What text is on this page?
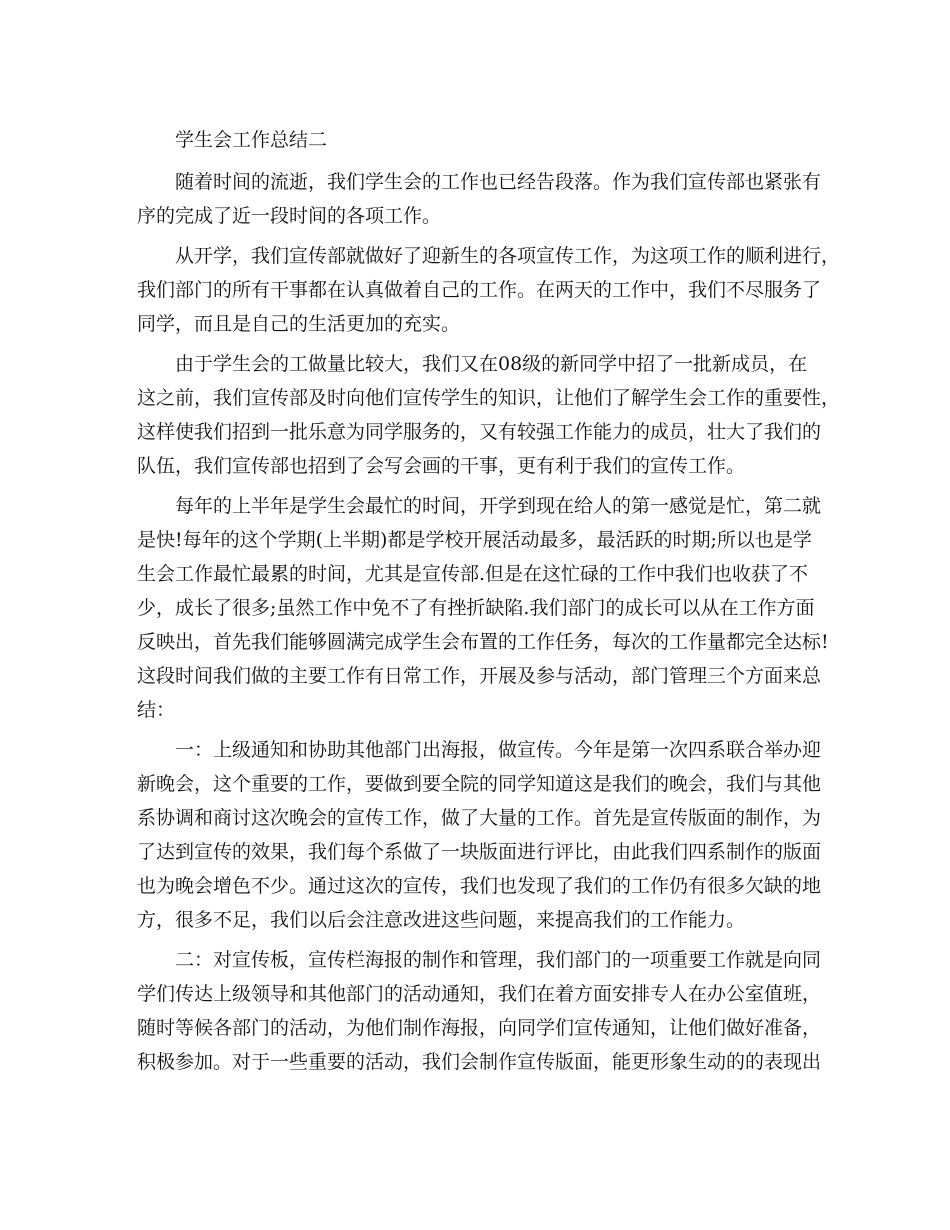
学生会工作总结二

随着时间的流逝，我们学生会的工作也已经告段落。作为我们宣传部也紧张有

序的完成了近一段时间的各项工作。

从开学，我们宣传部就做好了迎新生的各项宣传工作，为这项工作的顺利进行，

我们部门的所有干事都在认真做着自己的工作。在两天的工作中，我们不尽服务了

同学，而且是自己的生活更加的充实。

由于学生会的工做量比较大，我们又在08级的新同学中招了一批新成员，在

这之前，我们宣传部及时向他们宣传学生的知识，让他们了解学生会工作的重要性，

这样使我们招到一批乐意为同学服务的，又有较强工作能力的成员，壮大了我们的

队伍，我们宣传部也招到了会写会画的干事，更有利于我们的宣传工作。

每年的上半年是学生会最忙的时间，开学到现在给人的第一感觉是忙，第二就

是快!每年的这个学期(上半期)都是学校开展活动最多，最活跃的时期;所以也是学

生会工作最忙最累的时间，尤其是宣传部.但是在这忙碌的工作中我们也收获了不

少，成长了很多;虽然工作中免不了有挫折缺陷.我们部门的成长可以从在工作方面

反映出，首先我们能够圆满完成学生会布置的工作任务，每次的工作量都完全达标!

这段时间我们做的主要工作有日常工作，开展及参与活动，部门管理三个方面来总

结：

一：上级通知和协助其他部门出海报，做宣传。今年是第一次四系联合举办迎

新晚会，这个重要的工作，要做到要全院的同学知道这是我们的晚会，我们与其他

系协调和商讨这次晚会的宣传工作，做了大量的工作。首先是宣传版面的制作，为

了达到宣传的效果，我们每个系做了一块版面进行评比，由此我们四系制作的版面

也为晚会增色不少。通过这次的宣传，我们也发现了我们的工作仍有很多欠缺的地

方，很多不足，我们以后会注意改进这些问题，来提高我们的工作能力。

二：对宣传板，宣传栏海报的制作和管理，我们部门的一项重要工作就是向同

学们传达上级领导和其他部门的活动通知，我们在着方面安排专人在办公室值班，

随时等候各部门的活动，为他们制作海报，向同学们宣传通知，让他们做好准备，

积极参加。对于一些重要的活动，我们会制作宣传版面，能更形象生动的的表现出
